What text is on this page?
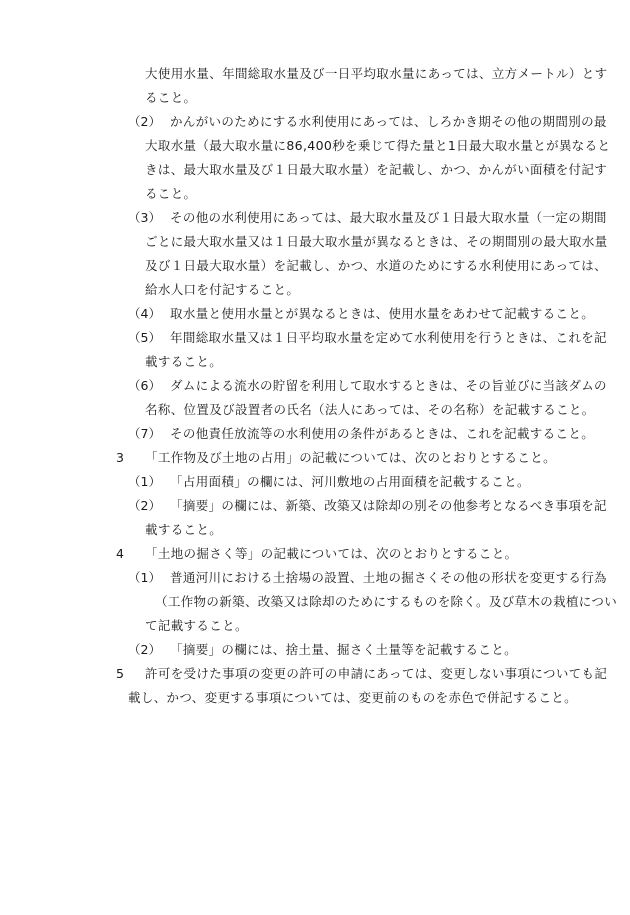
大使用水量、年間総取水量及び一日平均取水量にあっては、立方メートル）とす
ること。
（2） かんがいのためにする水利使用にあっては、しろかき期その他の期間別の最
大取水量（最大取水量に86,400秒を乗じて得た量と1日最大取水量とが異なると
きは、最大取水量及び１日最大取水量）を記載し、かつ、かんがい面積を付記す
ること。
（3） その他の水利使用にあっては、最大取水量及び１日最大取水量（一定の期間
ごとに最大取水量又は１日最大取水量が異なるときは、その期間別の最大取水量
及び１日最大取水量）を記載し、かつ、水道のためにする水利使用にあっては、
給水人口を付記すること。
（4） 取水量と使用水量とが異なるときは、使用水量をあわせて記載すること。
（5） 年間総取水量又は１日平均取水量を定めて水利使用を行うときは、これを記
載すること。
（6） ダムによる流水の貯留を利用して取水するときは、その旨並びに当該ダムの
名称、位置及び設置者の氏名（法人にあっては、その名称）を記載すること。
（7） その他責任放流等の水利使用の条件があるときは、これを記載すること。
3 「工作物及び土地の占用」の記載については、次のとおりとすること。
（1） 「占用面積」の欄には、河川敷地の占用面積を記載すること。
（2） 「摘要」の欄には、新築、改築又は除却の別その他参考となるべき事項を記
載すること。
4 「土地の掘さく等」の記載については、次のとおりとすること。
（1） 普通河川における土捨場の設置、土地の掘さくその他の形状を変更する行為
（工作物の新築、改築又は除却のためにするものを除く。及び草木の栽植につい
て記載すること。
（2） 「摘要」の欄には、捨土量、掘さく土量等を記載すること。
5 許可を受けた事項の変更の許可の申請にあっては、変更しない事項についても記
載し、かつ、変更する事項については、変更前のものを赤色で併記すること。
